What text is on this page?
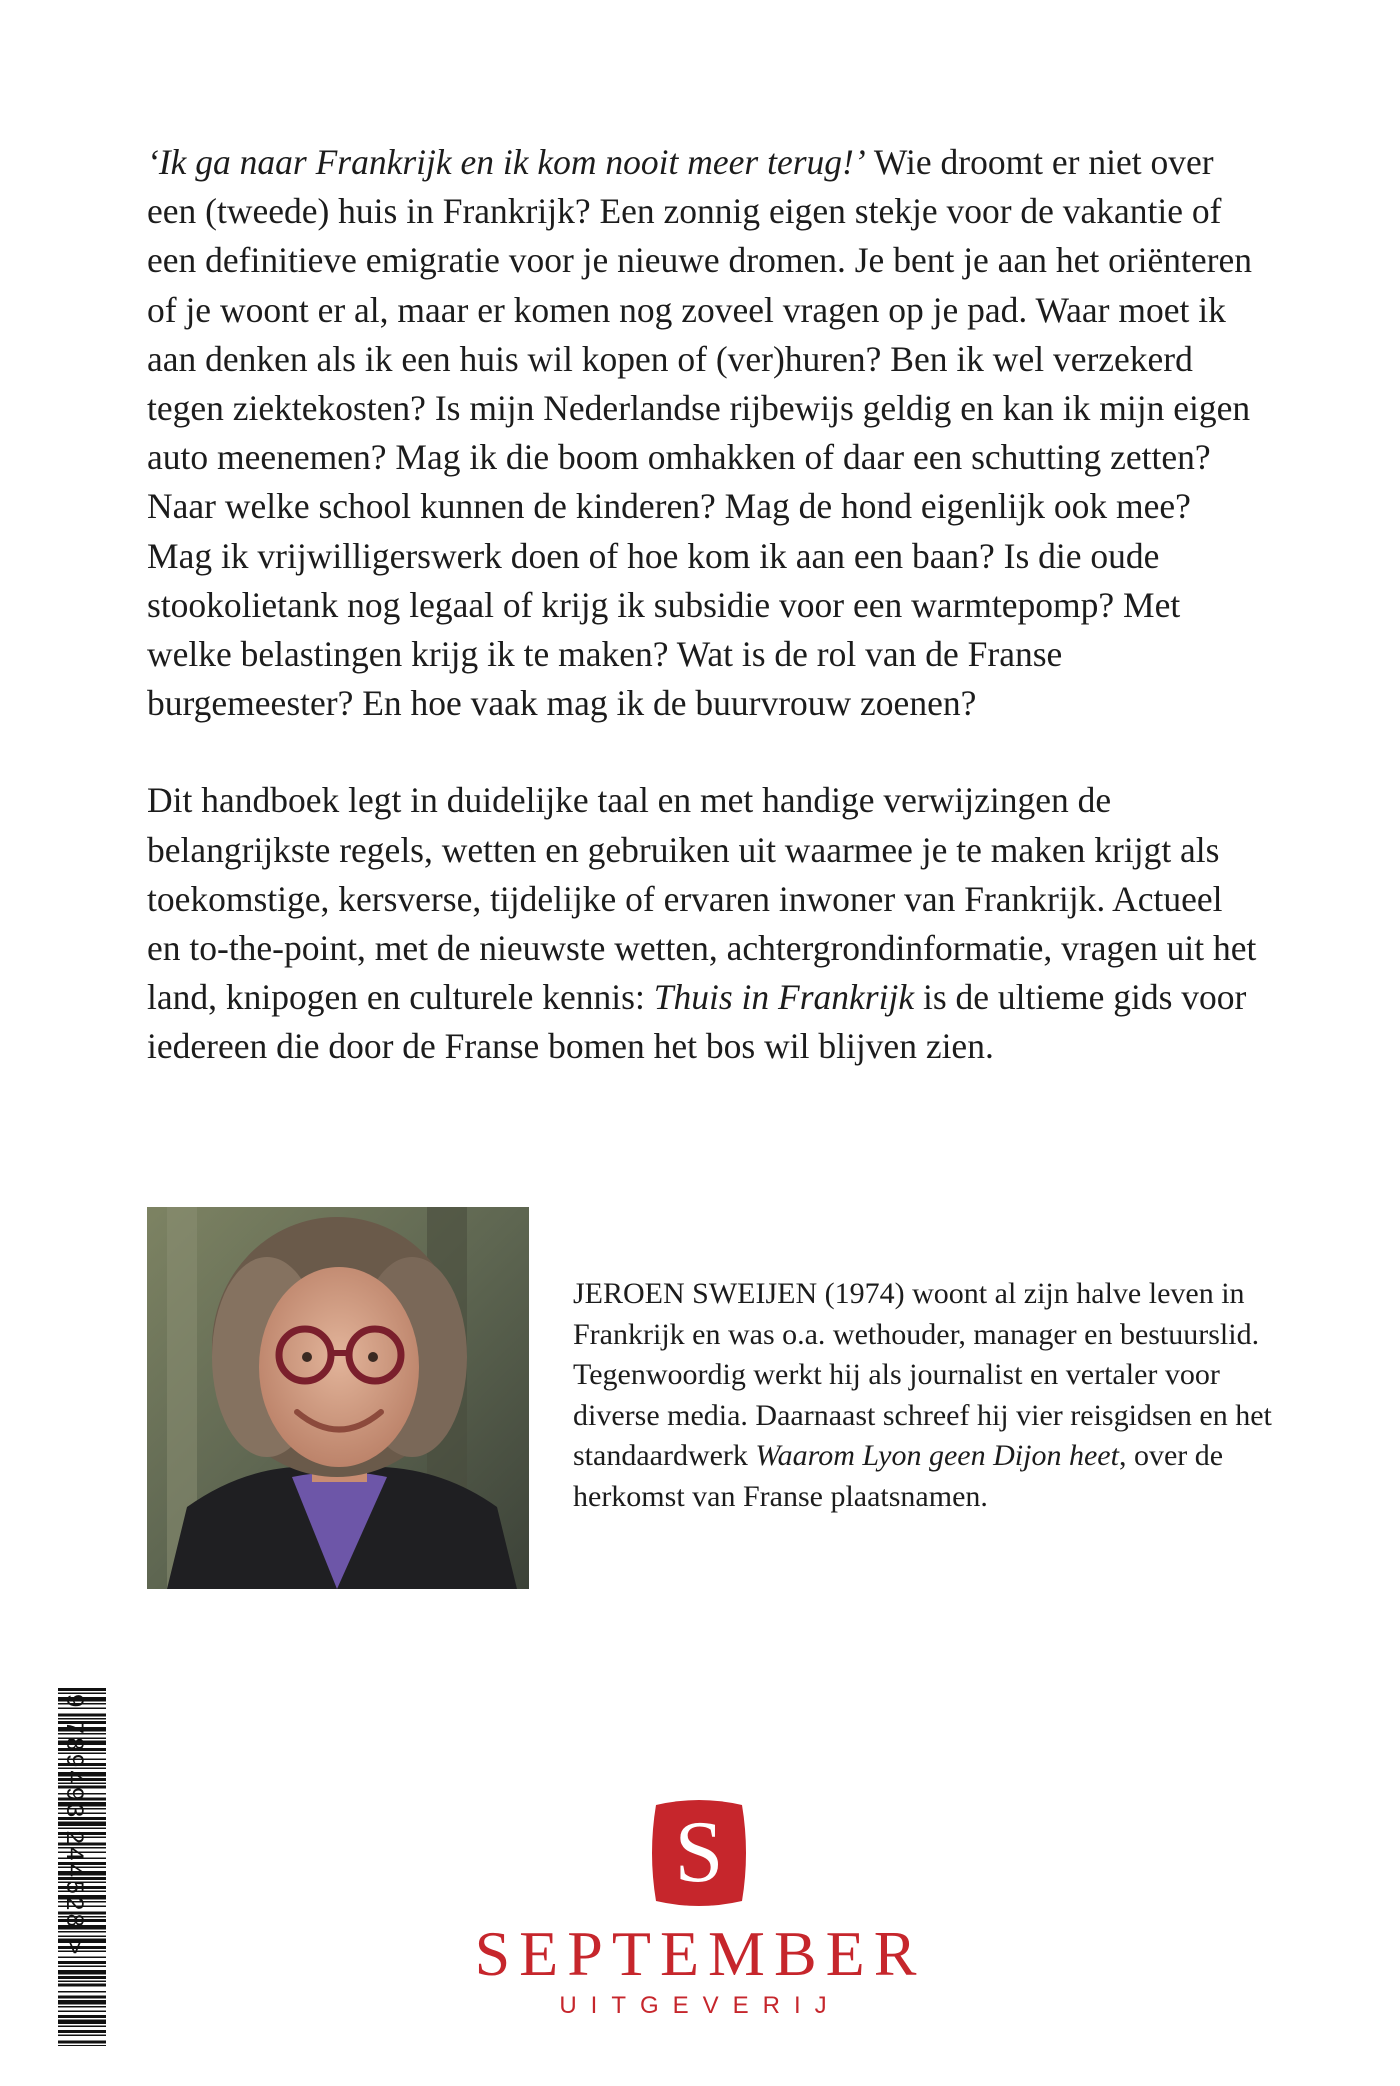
‘Ik ga naar Frankrijk en ik kom nooit meer terug!’ Wie droomt er niet over een (tweede) huis in Frankrijk? Een zonnig eigen stekje voor de vakantie of een definitieve emigratie voor je nieuwe dromen. Je bent je aan het oriënteren of je woont er al, maar er komen nog zoveel vragen op je pad. Waar moet ik aan denken als ik een huis wil kopen of (ver)huren? Ben ik wel verzekerd tegen ziektekosten? Is mijn Nederlandse rijbewijs geldig en kan ik mijn eigen auto meenemen? Mag ik die boom omhakken of daar een schutting zetten? Naar welke school kunnen de kinderen? Mag de hond eigenlijk ook mee? Mag ik vrijwilligerswerk doen of hoe kom ik aan een baan? Is die oude stookolietank nog legaal of krijg ik subsidie voor een warmtepomp? Met welke belastingen krijg ik te maken? Wat is de rol van de Franse burgemeester? En hoe vaak mag ik de buurvrouw zoenen?

Dit handboek legt in duidelijke taal en met handige verwijzingen de belangrijkste regels, wetten en gebruiken uit waarmee je te maken krijgt als toekomstige, kersverse, tijdelijke of ervaren inwoner van Frankrijk. Actueel en to-the-point, met de nieuwste wetten, achtergrondinformatie, vragen uit het land, knipogen en culturele kennis: Thuis in Frankrijk is de ultieme gids voor iedereen die door de Franse bomen het bos wil blijven zien.

JEROEN SWEIJEN (1974) woont al zijn halve leven in Frankrijk en was o.a. wethouder, manager en bestuurslid. Tegenwoordig werkt hij als journalist en vertaler voor diverse media. Daarnaast schreef hij vier reisgidsen en het standaardwerk Waarom Lyon geen Dijon heet, over de herkomst van Franse plaatsnamen.
9 789493 244528 >	S
SEPTEMBER
UITGEVERIJ
